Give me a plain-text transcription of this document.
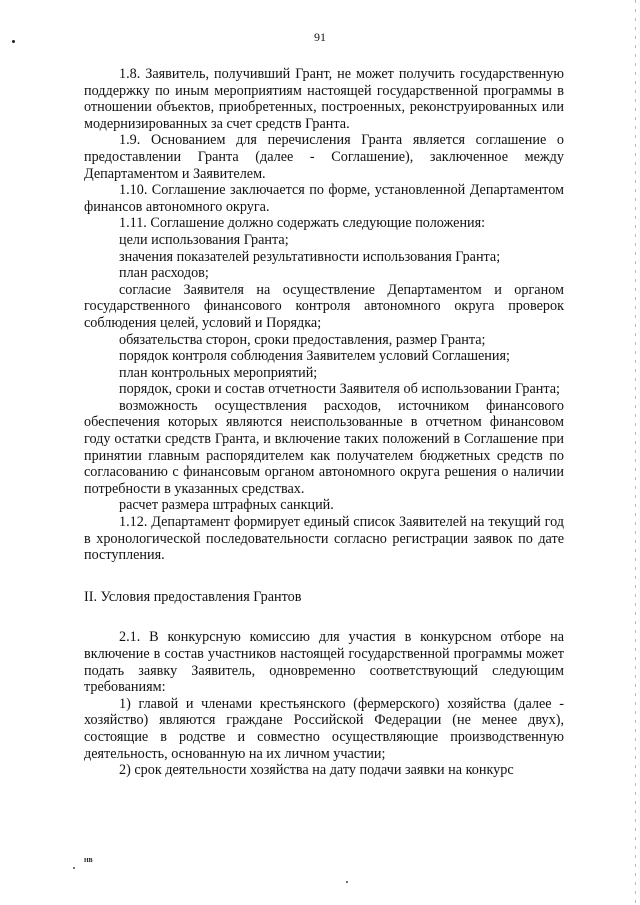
91

1.8. Заявитель, получивший Грант, не может получить государственную поддержку по иным мероприятиям настоящей государственной программы в отношении объектов, приобретенных, построенных, реконструированных или модернизированных за счет средств Гранта.

1.9. Основанием для перечисления Гранта является соглашение о предоставлении Гранта (далее - Соглашение), заключенное между Департаментом и Заявителем.

1.10. Соглашение заключается по форме, установленной Департаментом финансов автономного округа.

1.11. Соглашение должно содержать следующие положения:

цели использования Гранта;

значения показателей результативности использования Гранта;

план расходов;

согласие Заявителя на осуществление Департаментом и органом государственного финансового контроля автономного округа проверок соблюдения целей, условий и Порядка;

обязательства сторон, сроки предоставления, размер Гранта;

порядок контроля соблюдения Заявителем условий Соглашения;

план контрольных мероприятий;

порядок, сроки и состав отчетности Заявителя об использовании Гранта;

возможность осуществления расходов, источником финансового обеспечения которых являются неиспользованные в отчетном финансовом году остатки средств Гранта, и включение таких положений в Соглашение при принятии главным распорядителем как получателем бюджетных средств по согласованию с финансовым органом автономного округа решения о наличии потребности в указанных средствах.

расчет размера штрафных санкций.

1.12. Департамент формирует единый список Заявителей на текущий год в хронологической последовательности согласно регистрации заявок по дате поступления.

II. Условия предоставления Грантов

2.1. В конкурсную комиссию для участия в конкурсном отборе на включение в состав участников настоящей государственной программы может подать заявку Заявитель, одновременно соответствующий следующим требованиям:

1) главой и членами крестьянского (фермерского) хозяйства (далее - хозяйство) являются граждане Российской Федерации (не менее двух), состоящие в родстве и совместно осуществляющие производственную деятельность, основанную на их личном участии;

2) срок деятельности хозяйства на дату подачи заявки на конкурс

НВ
